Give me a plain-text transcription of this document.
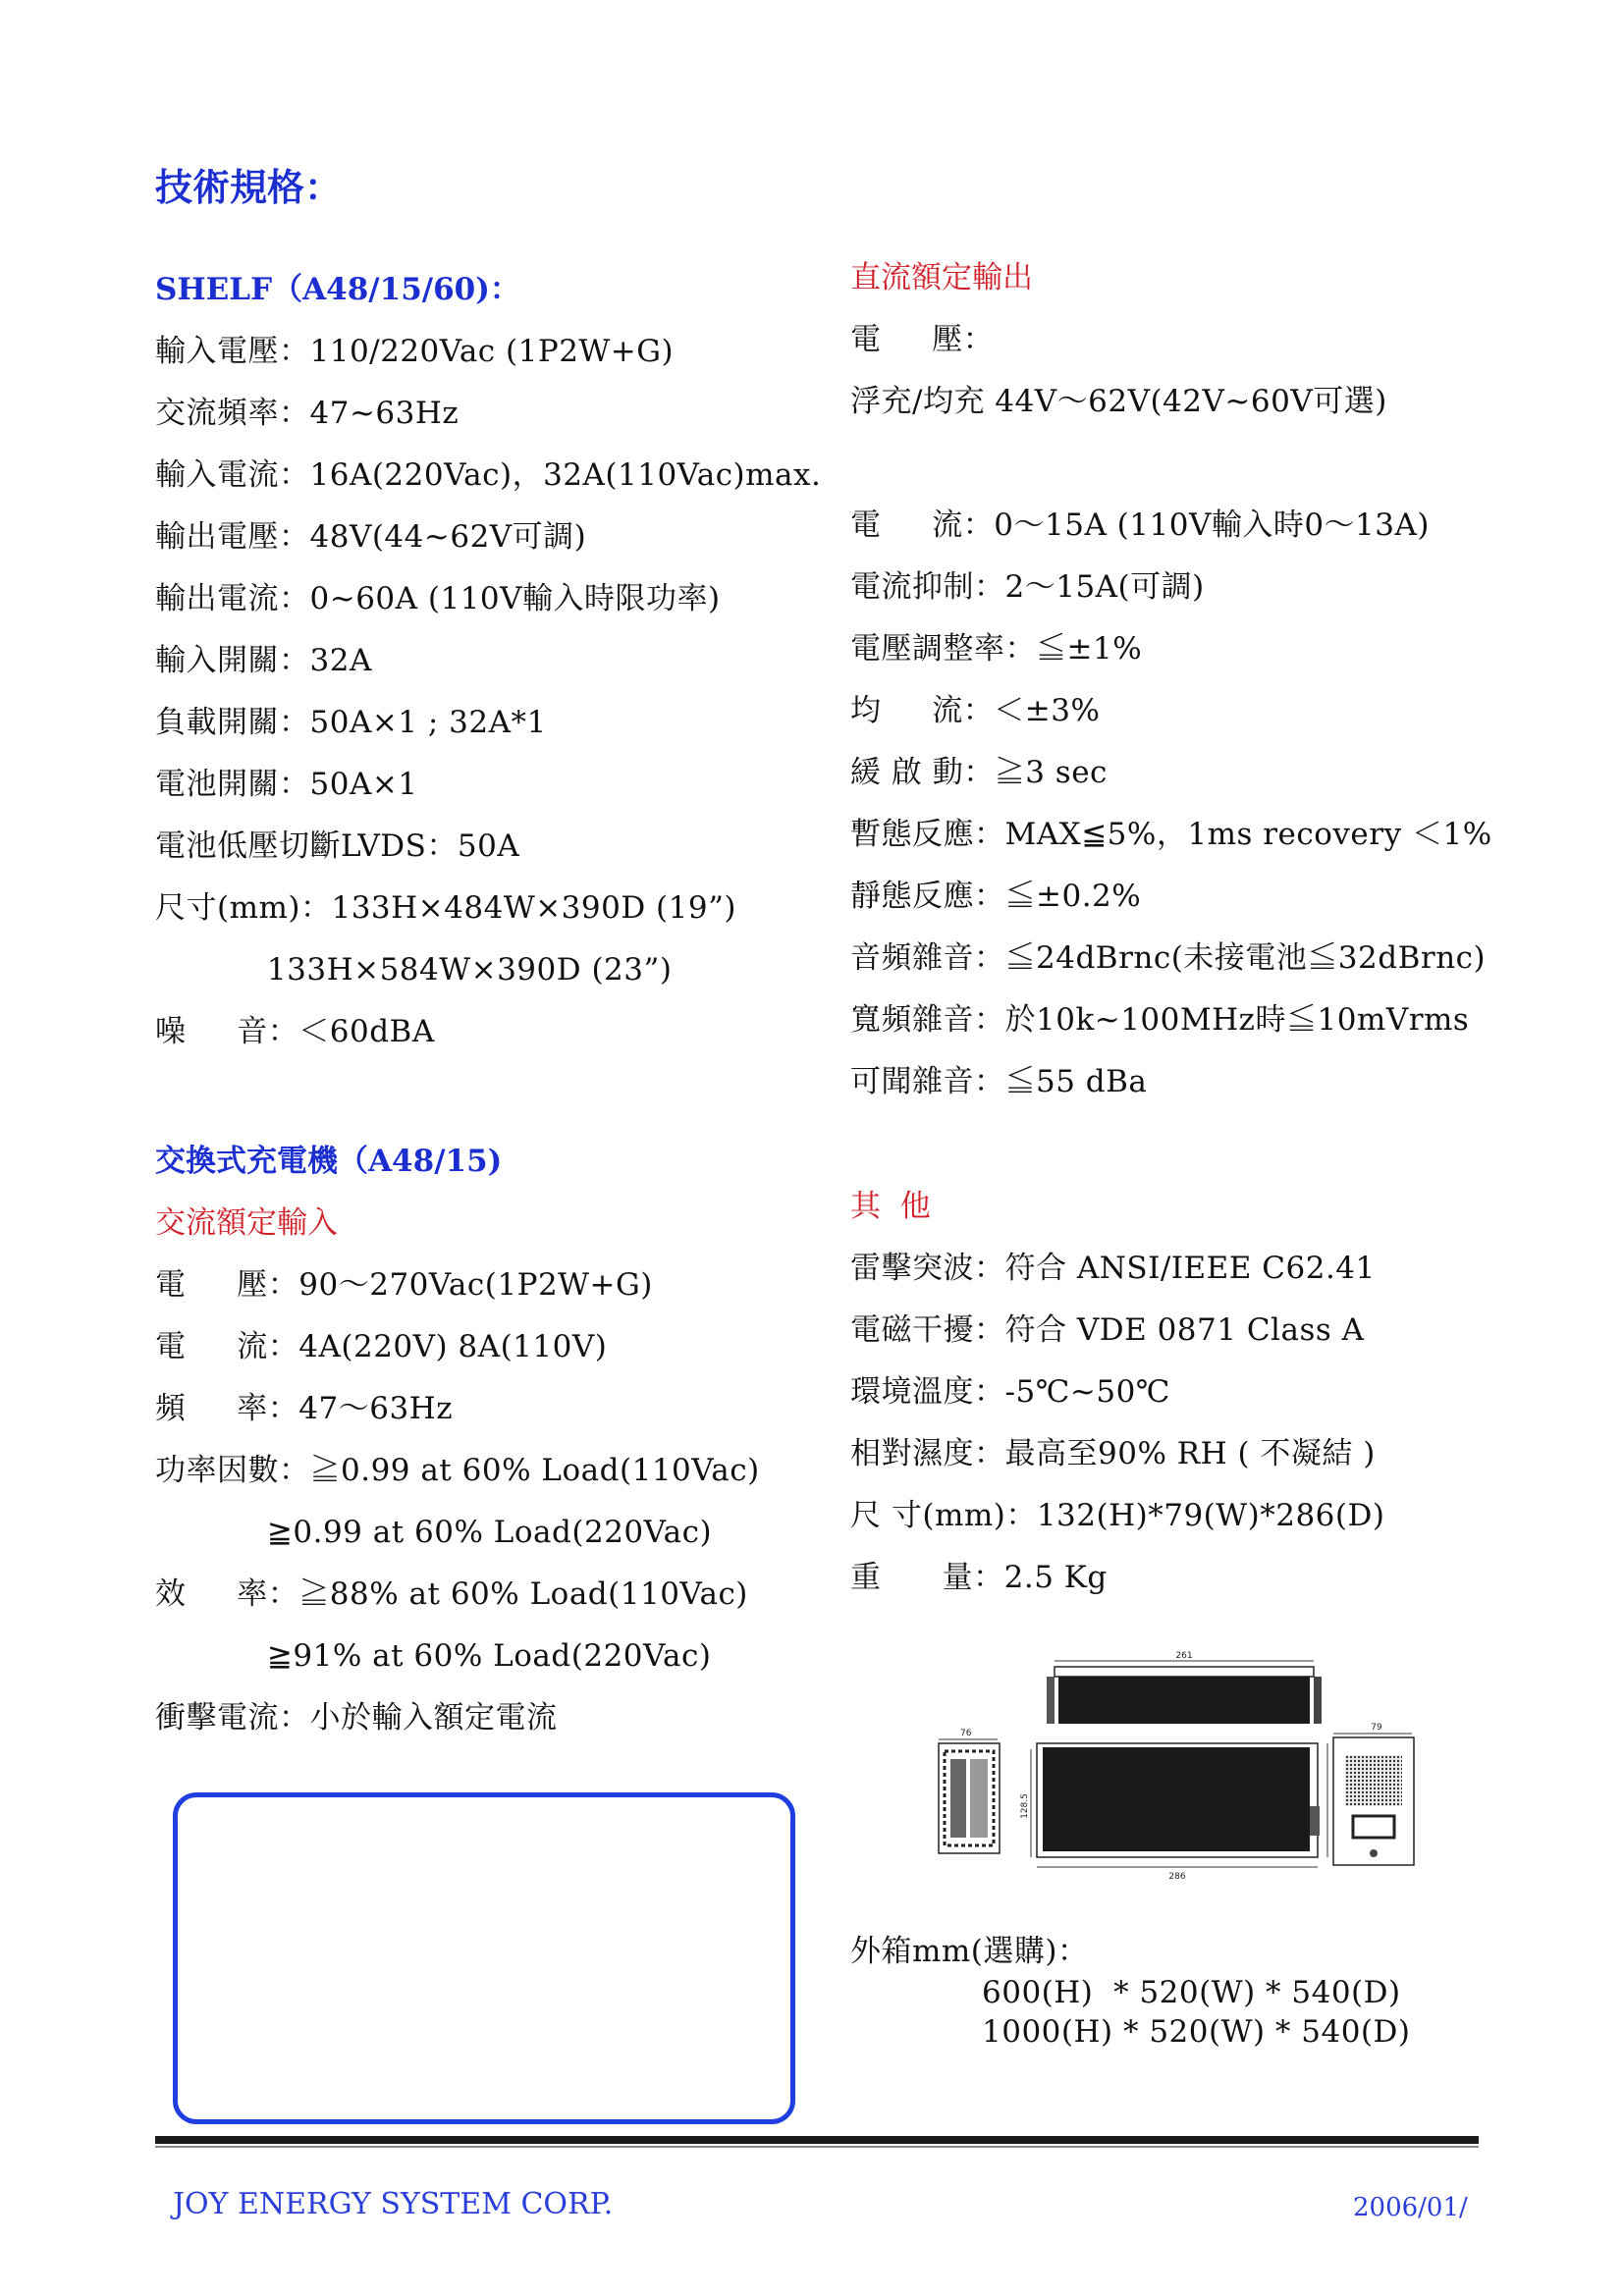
技術規格：
SHELF（A48/15/60)：
輸入電壓：110/220Vac (1P2W+G)
交流頻率：47~63Hz
輸入電流：16A(220Vac)，32A(110Vac)max.
輸出電壓：48V(44~62V可調)
輸出電流：0~60A (110V輸入時限功率)
輸入開關：32A
負載開關：50A×1 ; 32A*1
電池開關：50A×1
電池低壓切斷LVDS：50A
尺寸(mm)：133H×484W×390D (19”)
133H×584W×390D (23”)
噪     音：＜60dBA
交換式充電機（A48/15)
交流額定輸入
電     壓：90～270Vac(1P2W+G)
電     流：4A(220V) 8A(110V)
頻     率：47～63Hz
功率因數：≧0.99 at 60% Load(110Vac)
≧0.99 at 60% Load(220Vac)
效     率：≧88% at 60% Load(110Vac)
≧91% at 60% Load(220Vac)
衝擊電流：小於輸入額定電流
直流額定輸出
電     壓：
浮充/均充 44V～62V(42V~60V可選)
電     流：0～15A (110V輸入時0～13A)
電流抑制：2～15A(可調)
電壓調整率：≦±1%
均     流：＜±3%
緩 啟 動：≧3 sec
暫態反應：MAX≦5%，1ms recovery ＜1%
靜態反應：≦±0.2%
音頻雜音：≦24dBrnc(未接電池≦32dBrnc)
寬頻雜音：於10k~100MHz時≦10mVrms
可聞雜音：≦55 dBa
其  他
雷擊突波：符合 ANSI/IEEE C62.41
電磁干擾：符合 VDE 0871 Class A
環境溫度：-5℃~50℃
相對濕度：最高至90% RH ( 不凝結 )
尺 寸(mm)：132(H)*79(W)*286(D)
重      量：2.5 Kg
261
76
128.5
286
79
外箱mm(選購)：
600(H)  * 520(W) * 540(D)
1000(H) * 520(W) * 540(D)
JOY ENERGY SYSTEM CORP.	2006/01/
